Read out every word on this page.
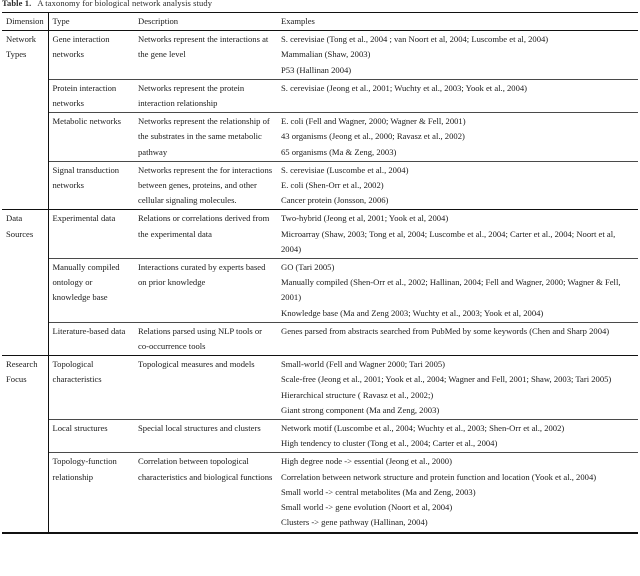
Table 1. A taxonomy for biological network analysis study
Dimension	Type	Description	Examples
Network Types	Gene interaction networks	Networks represent the interactions at the gene level	S. cerevisiae (Tong et al., 2004 ; van Noort et al, 2004; Luscombe et al, 2004)
Mammalian (Shaw, 2003)
P53 (Hallinan 2004)

	Protein interaction networks	Networks represent the protein interaction relationship	S. cerevisiae (Jeong et al., 2001; Wuchty et al., 2003; Yook et al., 2004)

	Metabolic networks	Networks represent the relationship of the substrates in the same metabolic pathway	E. coli (Fell and Wagner, 2000; Wagner & Fell, 2001)
43 organisms (Jeong et al., 2000; Ravasz et al., 2002)
65 organisms (Ma & Zeng, 2003)

	Signal transduction networks	Networks represent the for interactions between genes, proteins, and other cellular signaling molecules.	S. cerevisiae (Luscombe et al., 2004)
E. coli (Shen-Orr et al., 2002)
Cancer protein (Jonsson, 2006)

Data Sources	Experimental data	Relations or correlations derived from the experimental data	Two-hybrid (Jeong et al, 2001; Yook et al, 2004)
Microarray (Shaw, 2003; Tong et al, 2004; Luscombe et al., 2004; Carter et al., 2004; Noort et al, 2004)

	Manually compiled ontology or knowledge base	Interactions curated by experts based on prior knowledge	GO (Tari 2005)
Manually compiled (Shen-Orr et al., 2002; Hallinan, 2004; Fell and Wagner, 2000; Wagner & Fell, 2001)
Knowledge base (Ma and Zeng 2003; Wuchty et al., 2003; Yook et al, 2004)

	Literature-based data	Relations parsed using NLP tools or co-occurrence tools	Genes parsed from abstracts searched from PubMed by some keywords (Chen and Sharp 2004)

Research Focus	Topological characteristics	Topological measures and models	Small-world (Fell and Wagner 2000; Tari 2005)
Scale-free (Jeong et al., 2001; Yook et al., 2004; Wagner and Fell, 2001; Shaw, 2003; Tari 2005)
Hierarchical structure ( Ravasz et al., 2002;)
Giant strong component (Ma and Zeng, 2003)

	Local structures	Special local structures and clusters	Network motif (Luscombe et al., 2004; Wuchty et al., 2003; Shen-Orr et al., 2002)
High tendency to cluster (Tong et al., 2004; Carter et al., 2004)

	Topology-function relationship	Correlation between topological characteristics and biological functions	High degree node -> essential (Jeong et al., 2000)
Correlation between network structure and protein function and location (Yook et al., 2004)
Small world -> central metabolites (Ma and Zeng, 2003)
Small world -> gene evolution (Noort et al, 2004)
Clusters -> gene pathway (Hallinan, 2004)
